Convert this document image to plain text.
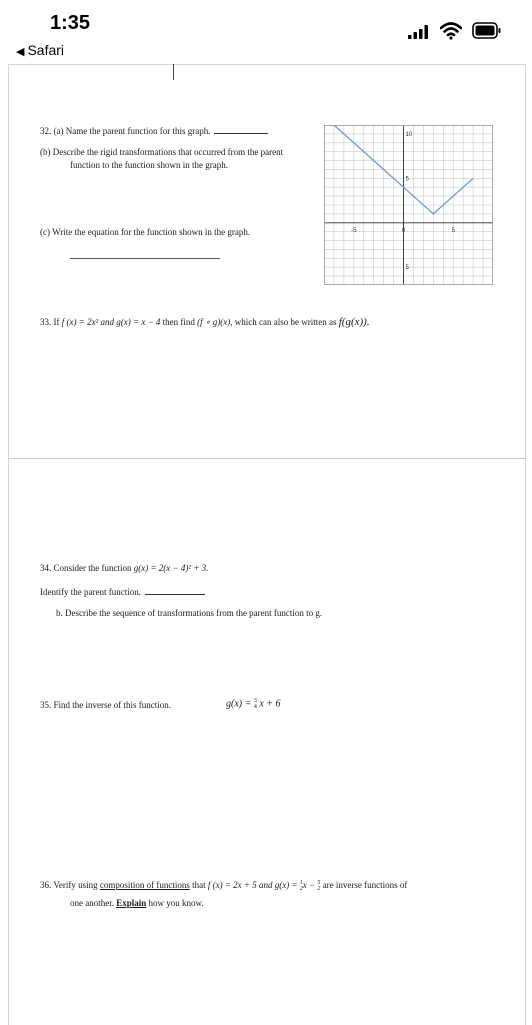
1:35
◀ Safari
32. (a) Name the parent function for this graph.
(b) Describe the rigid transformations that occurred from the parent
function to the function shown in the graph.
(c) Write the equation for the function shown in the graph.	-5	0	5
10
5
5
33. If f (x) = 2x² and g(x) = x − 4 then find (f ∘ g)(x), which can also be written as f(g(x)).
34. Consider the function g(x) = 2(x − 4)² + 3.
Identify the parent function.
b. Describe the sequence of transformations from the parent function to g.
35. Find the inverse of this function.	g(x) = 3
4 x + 6
36. Verify using composition of functions that f (x) = 2x + 5 and g(x) = 1
2x − 5
2 are inverse functions of
one another. Explain how you know.
